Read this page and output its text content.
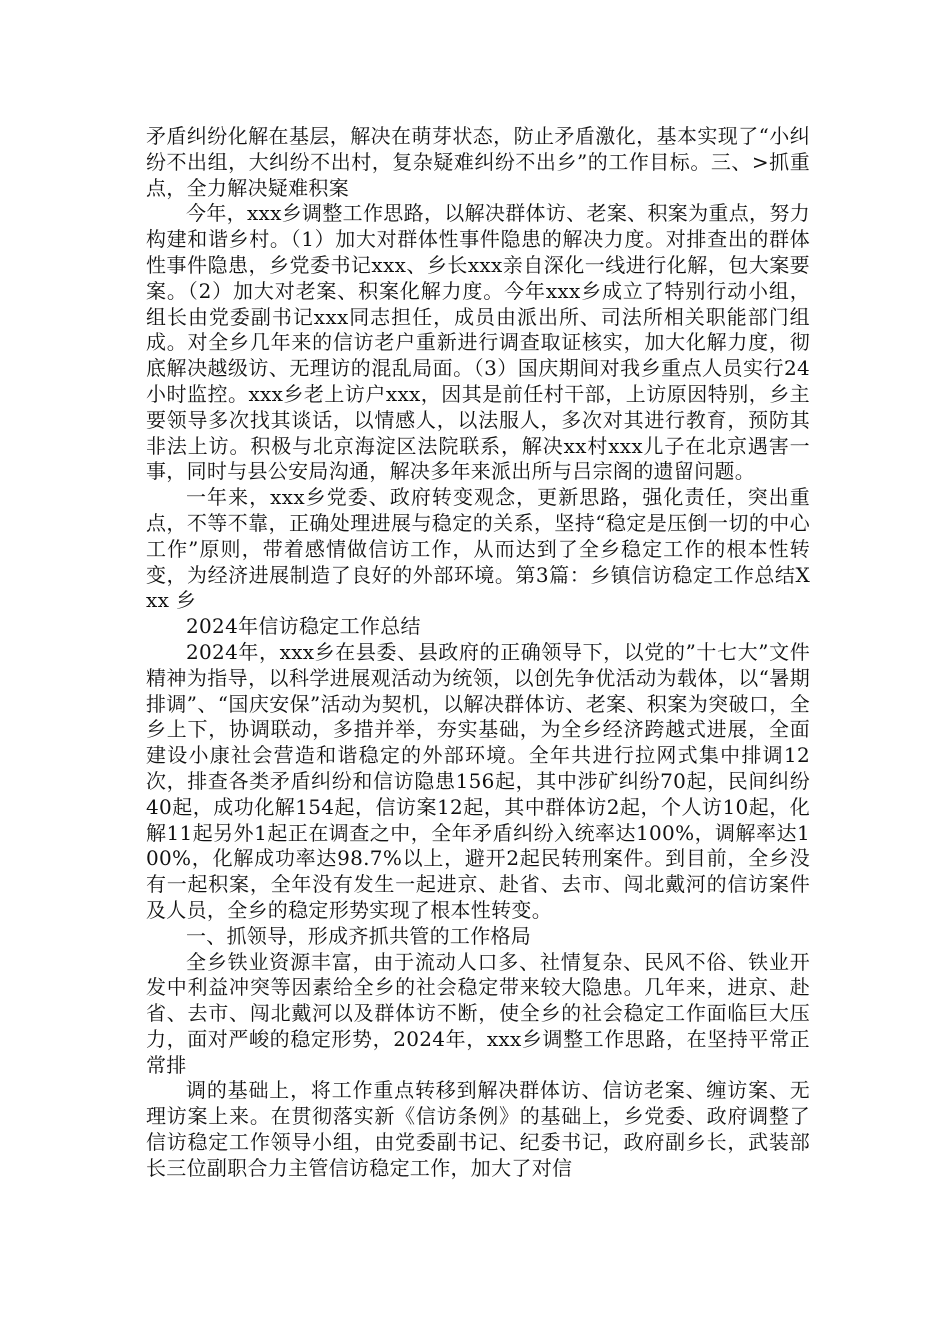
矛盾纠纷化解在基层，解决在萌芽状态，防止矛盾激化，基本实现了“小纠纷不出组，大纠纷不出村，复杂疑难纠纷不出乡”的工作目标。三、>抓重点，全力解决疑难积案

今年，xxx乡调整工作思路，以解决群体访、老案、积案为重点，努力构建和谐乡村。（1）加大对群体性事件隐患的解决力度。对排查出的群体性事件隐患，乡党委书记xxx、乡长xxx亲自深化一线进行化解，包大案要案。（2）加大对老案、积案化解力度。今年xxx乡成立了特别行动小组，组长由党委副书记xxx同志担任，成员由派出所、司法所相关职能部门组成。对全乡几年来的信访老户重新进行调查取证核实，加大化解力度，彻底解决越级访、无理访的混乱局面。（3）国庆期间对我乡重点人员实行24小时监控。xxx乡老上访户xxx，因其是前任村干部，上访原因特别，乡主要领导多次找其谈话，以情感人，以法服人，多次对其进行教育，预防其非法上访。积极与北京海淀区法院联系，解决xx村xxx儿子在北京遇害一事，同时与县公安局沟通，解决多年来派出所与吕宗阁的遗留问题。

一年来，xxx乡党委、政府转变观念，更新思路，强化责任，突出重点，不等不靠，正确处理进展与稳定的关系，坚持“稳定是压倒一切的中心工作”原则，带着感情做信访工作，从而达到了全乡稳定工作的根本性转变，为经济进展制造了良好的外部环境。第3篇：乡镇信访稳定工作总结Xxx 乡

2024年信访稳定工作总结

2024年，xxx乡在县委、县政府的正确领导下，以党的”十七大”文件精神为指导，以科学进展观活动为统领，以创先争优活动为载体，以“暑期排调”、“国庆安保”活动为契机，以解决群体访、老案、积案为突破口，全乡上下，协调联动，多措并举，夯实基础，为全乡经济跨越式进展，全面建设小康社会营造和谐稳定的外部环境。全年共进行拉网式集中排调12次，排查各类矛盾纠纷和信访隐患156起，其中涉矿纠纷70起，民间纠纷40起，成功化解154起，信访案12起，其中群体访2起，个人访10起，化解11起另外1起正在调查之中，全年矛盾纠纷入统率达100%，调解率达100%，化解成功率达98.7%以上，避开2起民转刑案件。到目前，全乡没有一起积案，全年没有发生一起进京、赴省、去市、闯北戴河的信访案件及人员，全乡的稳定形势实现了根本性转变。

一、抓领导，形成齐抓共管的工作格局

全乡铁业资源丰富，由于流动人口多、社情复杂、民风不俗、铁业开发中利益冲突等因素给全乡的社会稳定带来较大隐患。几年来，进京、赴省、去市、闯北戴河以及群体访不断，使全乡的社会稳定工作面临巨大压力，面对严峻的稳定形势，2024年，xxx乡调整工作思路，在坚持平常正常排

调的基础上，将工作重点转移到解决群体访、信访老案、缠访案、无理访案上来。在贯彻落实新《信访条例》的基础上，乡党委、政府调整了信访稳定工作领导小组，由党委副书记、纪委书记，政府副乡长，武装部长三位副职合力主管信访稳定工作，加大了对信
